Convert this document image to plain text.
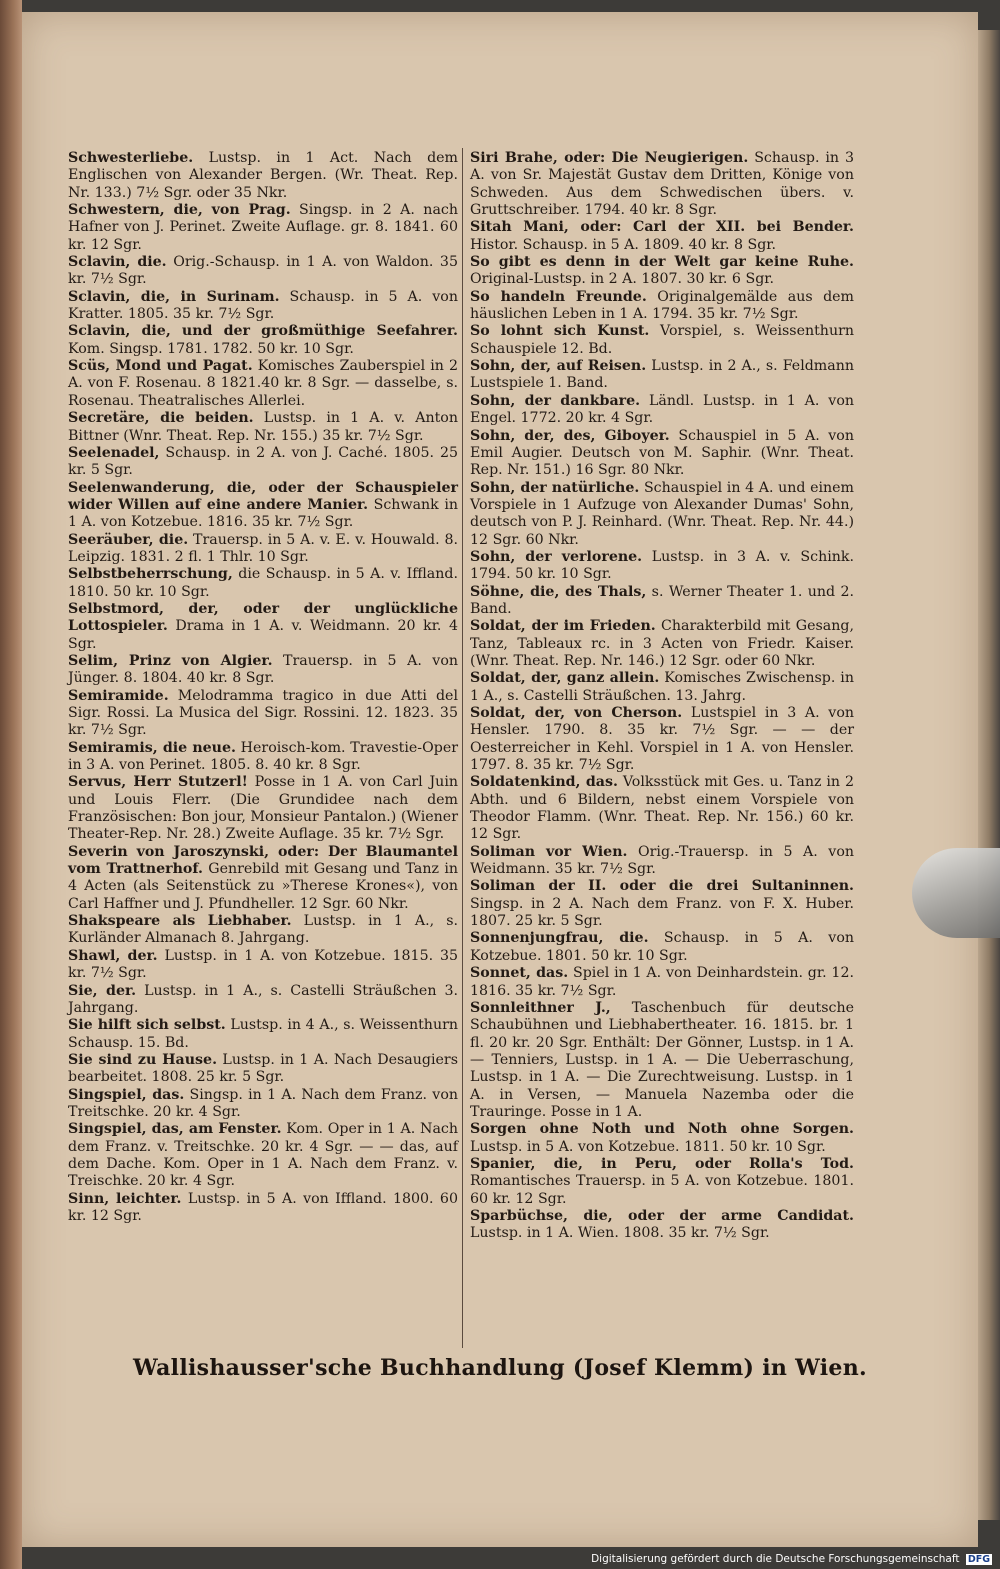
Schwesterliebe. Lustsp. in 1 Act. Nach dem Englischen von Alexander Bergen. (Wr. Theat. Rep. Nr. 133.) 7½ Sgr. oder 35 Nkr.
Schwestern, die, von Prag. Singsp. in 2 A. nach Hafner von J. Perinet. Zweite Auflage. gr. 8. 1841. 60 kr. 12 Sgr.
Sclavin, die. Orig.-Schausp. in 1 A. von Waldon. 35 kr. 7½ Sgr.
Sclavin, die, in Surinam. Schausp. in 5 A. von Kratter. 1805. 35 kr. 7½ Sgr.
Sclavin, die, und der großmüthige Seefahrer. Kom. Singsp. 1781. 1782. 50 kr. 10 Sgr.
Scüs, Mond und Pagat. Komisches Zauberspiel in 2 A. von F. Rosenau. 8 1821.40 kr. 8 Sgr. — dasselbe, s. Rosenau. Theatralisches Allerlei.
Secretäre, die beiden. Lustsp. in 1 A. v. Anton Bittner (Wnr. Theat. Rep. Nr. 155.) 35 kr. 7½ Sgr.
Seelenadel, Schausp. in 2 A. von J. Caché. 1805. 25 kr. 5 Sgr.
Seelenwanderung, die, oder der Schauspieler wider Willen auf eine andere Manier. Schwank in 1 A. von Kotzebue. 1816. 35 kr. 7½ Sgr.
Seeräuber, die. Trauersp. in 5 A. v. E. v. Houwald. 8. Leipzig. 1831. 2 fl. 1 Thlr. 10 Sgr.
Selbstbeherrschung, die Schausp. in 5 A. v. Iffland. 1810. 50 kr. 10 Sgr.
Selbstmord, der, oder der unglückliche Lottospieler. Drama in 1 A. v. Weidmann. 20 kr. 4 Sgr.
Selim, Prinz von Algier. Trauersp. in 5 A. von Jünger. 8. 1804. 40 kr. 8 Sgr.
Semiramide. Melodramma tragico in due Atti del Sigr. Rossi. La Musica del Sigr. Rossini. 12. 1823. 35 kr. 7½ Sgr.
Semiramis, die neue. Heroisch-kom. Travestie-Oper in 3 A. von Perinet. 1805. 8. 40 kr. 8 Sgr.
Servus, Herr Stutzerl! Posse in 1 A. von Carl Juin und Louis Flerr. (Die Grundidee nach dem Französischen: Bon jour, Monsieur Pantalon.) (Wiener Theater-Rep. Nr. 28.) Zweite Auflage. 35 kr. 7½ Sgr.
Severin von Jaroszynski, oder: Der Blaumantel vom Trattnerhof. Genrebild mit Gesang und Tanz in 4 Acten (als Seitenstück zu »Therese Krones«), von Carl Haffner und J. Pfundheller. 12 Sgr. 60 Nkr.
Shakspeare als Liebhaber. Lustsp. in 1 A., s. Kurländer Almanach 8. Jahrgang.
Shawl, der. Lustsp. in 1 A. von Kotzebue. 1815. 35 kr. 7½ Sgr.
Sie, der. Lustsp. in 1 A., s. Castelli Sträußchen 3. Jahrgang.
Sie hilft sich selbst. Lustsp. in 4 A., s. Weissenthurn Schausp. 15. Bd.
Sie sind zu Hause. Lustsp. in 1 A. Nach Desaugiers bearbeitet. 1808. 25 kr. 5 Sgr.
Singspiel, das. Singsp. in 1 A. Nach dem Franz. von Treitschke. 20 kr. 4 Sgr.
Singspiel, das, am Fenster. Kom. Oper in 1 A. Nach dem Franz. v. Treitschke. 20 kr. 4 Sgr. — — das, auf dem Dache. Kom. Oper in 1 A. Nach dem Franz. v. Treischke. 20 kr. 4 Sgr.
Sinn, leichter. Lustsp. in 5 A. von Iffland. 1800. 60 kr. 12 Sgr.
Siri Brahe, oder: Die Neugierigen. Schausp. in 3 A. von Sr. Majestät Gustav dem Dritten, Könige von Schweden. Aus dem Schwedischen übers. v. Gruttschreiber. 1794. 40 kr. 8 Sgr.
Sitah Mani, oder: Carl der XII. bei Bender. Histor. Schausp. in 5 A. 1809. 40 kr. 8 Sgr.
So gibt es denn in der Welt gar keine Ruhe. Original-Lustsp. in 2 A. 1807. 30 kr. 6 Sgr.
So handeln Freunde. Originalgemälde aus dem häuslichen Leben in 1 A. 1794. 35 kr. 7½ Sgr.
So lohnt sich Kunst. Vorspiel, s. Weissenthurn Schauspiele 12. Bd.
Sohn, der, auf Reisen. Lustsp. in 2 A., s. Feldmann Lustspiele 1. Band.
Sohn, der dankbare. Ländl. Lustsp. in 1 A. von Engel. 1772. 20 kr. 4 Sgr.
Sohn, der, des, Giboyer. Schauspiel in 5 A. von Emil Augier. Deutsch von M. Saphir. (Wnr. Theat. Rep. Nr. 151.) 16 Sgr. 80 Nkr.
Sohn, der natürliche. Schauspiel in 4 A. und einem Vorspiele in 1 Aufzuge von Alexander Dumas' Sohn, deutsch von P. J. Reinhard. (Wnr. Theat. Rep. Nr. 44.) 12 Sgr. 60 Nkr.
Sohn, der verlorene. Lustsp. in 3 A. v. Schink. 1794. 50 kr. 10 Sgr.
Söhne, die, des Thals, s. Werner Theater 1. und 2. Band.
Soldat, der im Frieden. Charakterbild mit Gesang, Tanz, Tableaux rc. in 3 Acten von Friedr. Kaiser. (Wnr. Theat. Rep. Nr. 146.) 12 Sgr. oder 60 Nkr.
Soldat, der, ganz allein. Komisches Zwischensp. in 1 A., s. Castelli Sträußchen. 13. Jahrg.
Soldat, der, von Cherson. Lustspiel in 3 A. von Hensler. 1790. 8. 35 kr. 7½ Sgr. — — der Oesterreicher in Kehl. Vorspiel in 1 A. von Hensler. 1797. 8. 35 kr. 7½ Sgr.
Soldatenkind, das. Volksstück mit Ges. u. Tanz in 2 Abth. und 6 Bildern, nebst einem Vorspiele von Theodor Flamm. (Wnr. Theat. Rep. Nr. 156.) 60 kr. 12 Sgr.
Soliman vor Wien. Orig.-Trauersp. in 5 A. von Weidmann. 35 kr. 7½ Sgr.
Soliman der II. oder die drei Sultaninnen. Singsp. in 2 A. Nach dem Franz. von F. X. Huber. 1807. 25 kr. 5 Sgr.
Sonnenjungfrau, die. Schausp. in 5 A. von Kotzebue. 1801. 50 kr. 10 Sgr.
Sonnet, das. Spiel in 1 A. von Deinhardstein. gr. 12. 1816. 35 kr. 7½ Sgr.
Sonnleithner J., Taschenbuch für deutsche Schaubühnen und Liebhabertheater. 16. 1815. br. 1 fl. 20 kr. 20 Sgr. Enthält: Der Gönner, Lustsp. in 1 A. — Tenniers, Lustsp. in 1 A. — Die Ueberraschung, Lustsp. in 1 A. — Die Zurechtweisung. Lustsp. in 1 A. in Versen, — Manuela Nazemba oder die Trauringe. Posse in 1 A.
Sorgen ohne Noth und Noth ohne Sorgen. Lustsp. in 5 A. von Kotzebue. 1811. 50 kr. 10 Sgr.
Spanier, die, in Peru, oder Rolla's Tod. Romantisches Trauersp. in 5 A. von Kotzebue. 1801. 60 kr. 12 Sgr.
Sparbüchse, die, oder der arme Candidat. Lustsp. in 1 A. Wien. 1808. 35 kr. 7½ Sgr.
Wallishausser'sche Buchhandlung (Josef Klemm) in Wien.
Digitalisierung gefördert durch die Deutsche Forschungsgemeinschaft DFG
